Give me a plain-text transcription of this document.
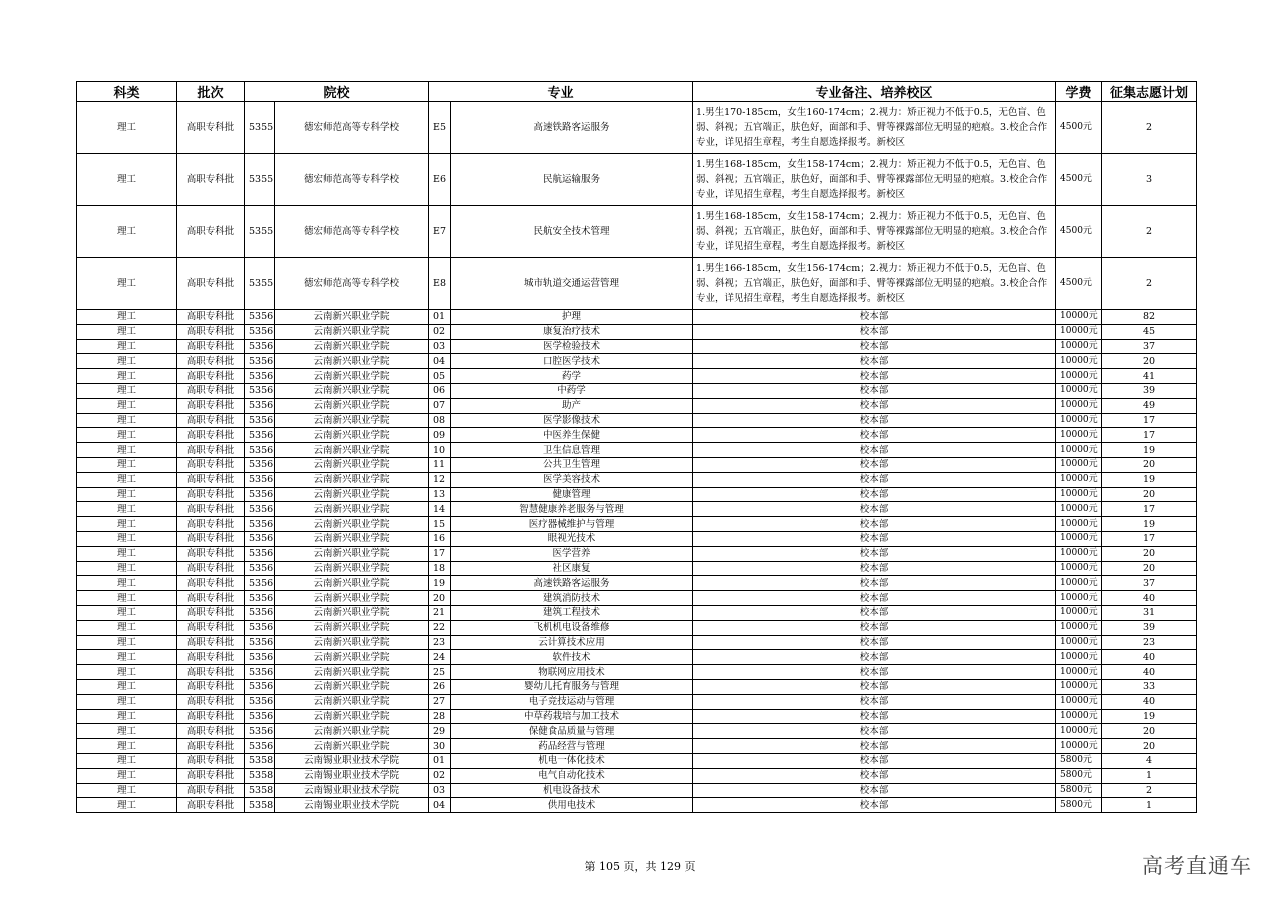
科类	批次	院校		专业		专业备注、培养校区	学费	征集志愿计划
理工	高职专科批	5355	德宏师范高等专科学校	E5	高速铁路客运服务	1.男生170-185cm，女生160-174cm；2.视力：矫正视力不低于0.5，无色盲、色弱、斜视；五官端正，肤色好，面部和手、臂等裸露部位无明显的疤痕。3.校企合作专业，详见招生章程，考生自愿选择报考。新校区	4500元	2
理工	高职专科批	5355	德宏师范高等专科学校	E6	民航运输服务	1.男生168-185cm，女生158-174cm；2.视力：矫正视力不低于0.5，无色盲、色弱、斜视；五官端正，肤色好，面部和手、臂等裸露部位无明显的疤痕。3.校企合作专业，详见招生章程，考生自愿选择报考。新校区	4500元	3
理工	高职专科批	5355	德宏师范高等专科学校	E7	民航安全技术管理	1.男生168-185cm，女生158-174cm；2.视力：矫正视力不低于0.5，无色盲、色弱、斜视；五官端正，肤色好，面部和手、臂等裸露部位无明显的疤痕。3.校企合作专业，详见招生章程，考生自愿选择报考。新校区	4500元	2
理工	高职专科批	5355	德宏师范高等专科学校	E8	城市轨道交通运营管理	1.男生166-185cm，女生156-174cm；2.视力：矫正视力不低于0.5，无色盲、色弱、斜视；五官端正，肤色好，面部和手、臂等裸露部位无明显的疤痕。3.校企合作专业，详见招生章程，考生自愿选择报考。新校区	4500元	2
理工	高职专科批	5356	云南新兴职业学院	01	护理	校本部	10000元	82
理工	高职专科批	5356	云南新兴职业学院	02	康复治疗技术	校本部	10000元	45
理工	高职专科批	5356	云南新兴职业学院	03	医学检验技术	校本部	10000元	37
理工	高职专科批	5356	云南新兴职业学院	04	口腔医学技术	校本部	10000元	20
理工	高职专科批	5356	云南新兴职业学院	05	药学	校本部	10000元	41
理工	高职专科批	5356	云南新兴职业学院	06	中药学	校本部	10000元	39
理工	高职专科批	5356	云南新兴职业学院	07	助产	校本部	10000元	49
理工	高职专科批	5356	云南新兴职业学院	08	医学影像技术	校本部	10000元	17
理工	高职专科批	5356	云南新兴职业学院	09	中医养生保健	校本部	10000元	17
理工	高职专科批	5356	云南新兴职业学院	10	卫生信息管理	校本部	10000元	19
理工	高职专科批	5356	云南新兴职业学院	11	公共卫生管理	校本部	10000元	20
理工	高职专科批	5356	云南新兴职业学院	12	医学美容技术	校本部	10000元	19
理工	高职专科批	5356	云南新兴职业学院	13	健康管理	校本部	10000元	20
理工	高职专科批	5356	云南新兴职业学院	14	智慧健康养老服务与管理	校本部	10000元	17
理工	高职专科批	5356	云南新兴职业学院	15	医疗器械维护与管理	校本部	10000元	19
理工	高职专科批	5356	云南新兴职业学院	16	眼视光技术	校本部	10000元	17
理工	高职专科批	5356	云南新兴职业学院	17	医学营养	校本部	10000元	20
理工	高职专科批	5356	云南新兴职业学院	18	社区康复	校本部	10000元	20
理工	高职专科批	5356	云南新兴职业学院	19	高速铁路客运服务	校本部	10000元	37
理工	高职专科批	5356	云南新兴职业学院	20	建筑消防技术	校本部	10000元	40
理工	高职专科批	5356	云南新兴职业学院	21	建筑工程技术	校本部	10000元	31
理工	高职专科批	5356	云南新兴职业学院	22	飞机机电设备维修	校本部	10000元	39
理工	高职专科批	5356	云南新兴职业学院	23	云计算技术应用	校本部	10000元	23
理工	高职专科批	5356	云南新兴职业学院	24	软件技术	校本部	10000元	40
理工	高职专科批	5356	云南新兴职业学院	25	物联网应用技术	校本部	10000元	40
理工	高职专科批	5356	云南新兴职业学院	26	婴幼儿托育服务与管理	校本部	10000元	33
理工	高职专科批	5356	云南新兴职业学院	27	电子竞技运动与管理	校本部	10000元	40
理工	高职专科批	5356	云南新兴职业学院	28	中草药栽培与加工技术	校本部	10000元	19
理工	高职专科批	5356	云南新兴职业学院	29	保健食品质量与管理	校本部	10000元	20
理工	高职专科批	5356	云南新兴职业学院	30	药品经营与管理	校本部	10000元	20
理工	高职专科批	5358	云南锡业职业技术学院	01	机电一体化技术	校本部	5800元	4
理工	高职专科批	5358	云南锡业职业技术学院	02	电气自动化技术	校本部	5800元	1
理工	高职专科批	5358	云南锡业职业技术学院	03	机电设备技术	校本部	5800元	2
理工	高职专科批	5358	云南锡业职业技术学院	04	供用电技术	校本部	5800元	1
第 105 页，共 129 页	高考直通车
